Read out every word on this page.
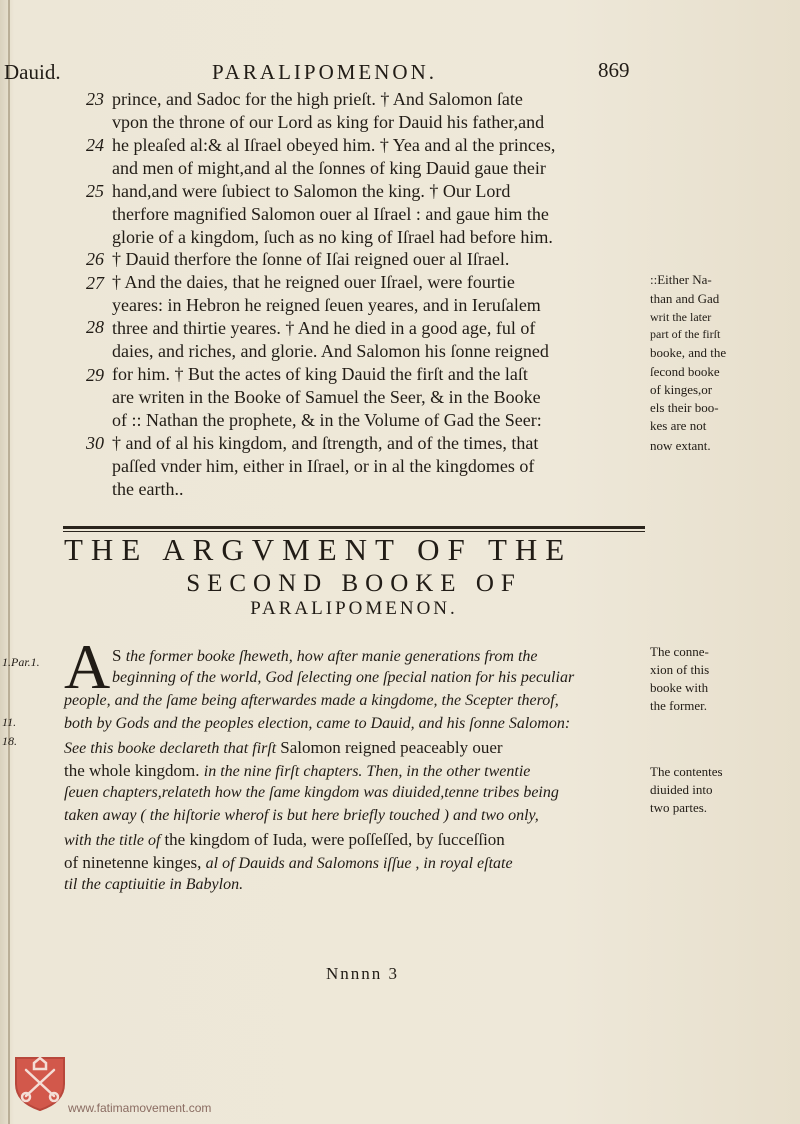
Dauid.	PARALIPOMENON.	869
23
24
25
26
27
28
29
30
prince, and Sadoc for the high prieſt. † And Salomon ſate
vpon the throne of our Lord as king for Dauid his father,and
he pleaſed al:& al Iſrael obeyed him. † Yea and al the princes,
and men of might,and al the ſonnes of king Dauid gaue their
hand,and were ſubiect to Salomon the king. † Our Lord
therfore magnified Salomon ouer al Iſrael : and gaue him the
glorie of a kingdom, ſuch as no king of Iſrael had before him.
† Dauid therfore the ſonne of Iſai reigned ouer al Iſrael.
† And the daies, that he reigned ouer Iſrael, were fourtie
yeares: in Hebron he reigned ſeuen yeares, and in Ieruſalem
three and thirtie yeares. † And he died in a good age, ful of
daies, and riches, and glorie. And Salomon his ſonne reigned
for him. † But the actes of king Dauid the firſt and the laſt
are writen in the Booke of Samuel the Seer, & in the Booke
of :: Nathan the prophete, & in the Volume of Gad the Seer:
† and of al his kingdom, and ſtrength, and of the times, that
paſſed vnder him, either in Iſrael, or in al the kingdomes of
the earth..
::Either Na-
than and Gad
writ the later
part of the firſt
ſecond booke
booke, and the
of kinges,or
els their boo-
kes are not
now extant.
THE ARGVMENT OF THE
SECOND BOOKE OF
PARALIPOMENON.
A S the former booke ſheweth, how after manie generations from the
beginning of the world, God ſelecting one ſpecial nation for his peculiar
people, and the ſame being afterwardes made a kingdome, the Scepter therof,
both by Gods and the peoples election, came to Dauid, and his ſonne Salomon:
See this booke declareth that firſt Salomon reigned peaceably ouer
the whole kingdom. in the nine firſt chapters. Then, in the other twentie
ſeuen chapters,relateth how the ſame kingdom was diuided,tenne tribes being
taken away ( the hiſtorie wherof is but here briefly touched ) and two only,
with the title of the kingdom of Iuda, were poſſeſſed, by ſucceſſion
of ninetenne kinges, al of Dauids and Salomons iſſue , in royal eſtate
til the captiuitie in Babylon.
1.Par.1.
11.
18.
The conne-
xion of this
booke with
the former.
The contentes
diuided into
two partes.
Nnnnn 3
www.fatimamovement.com
